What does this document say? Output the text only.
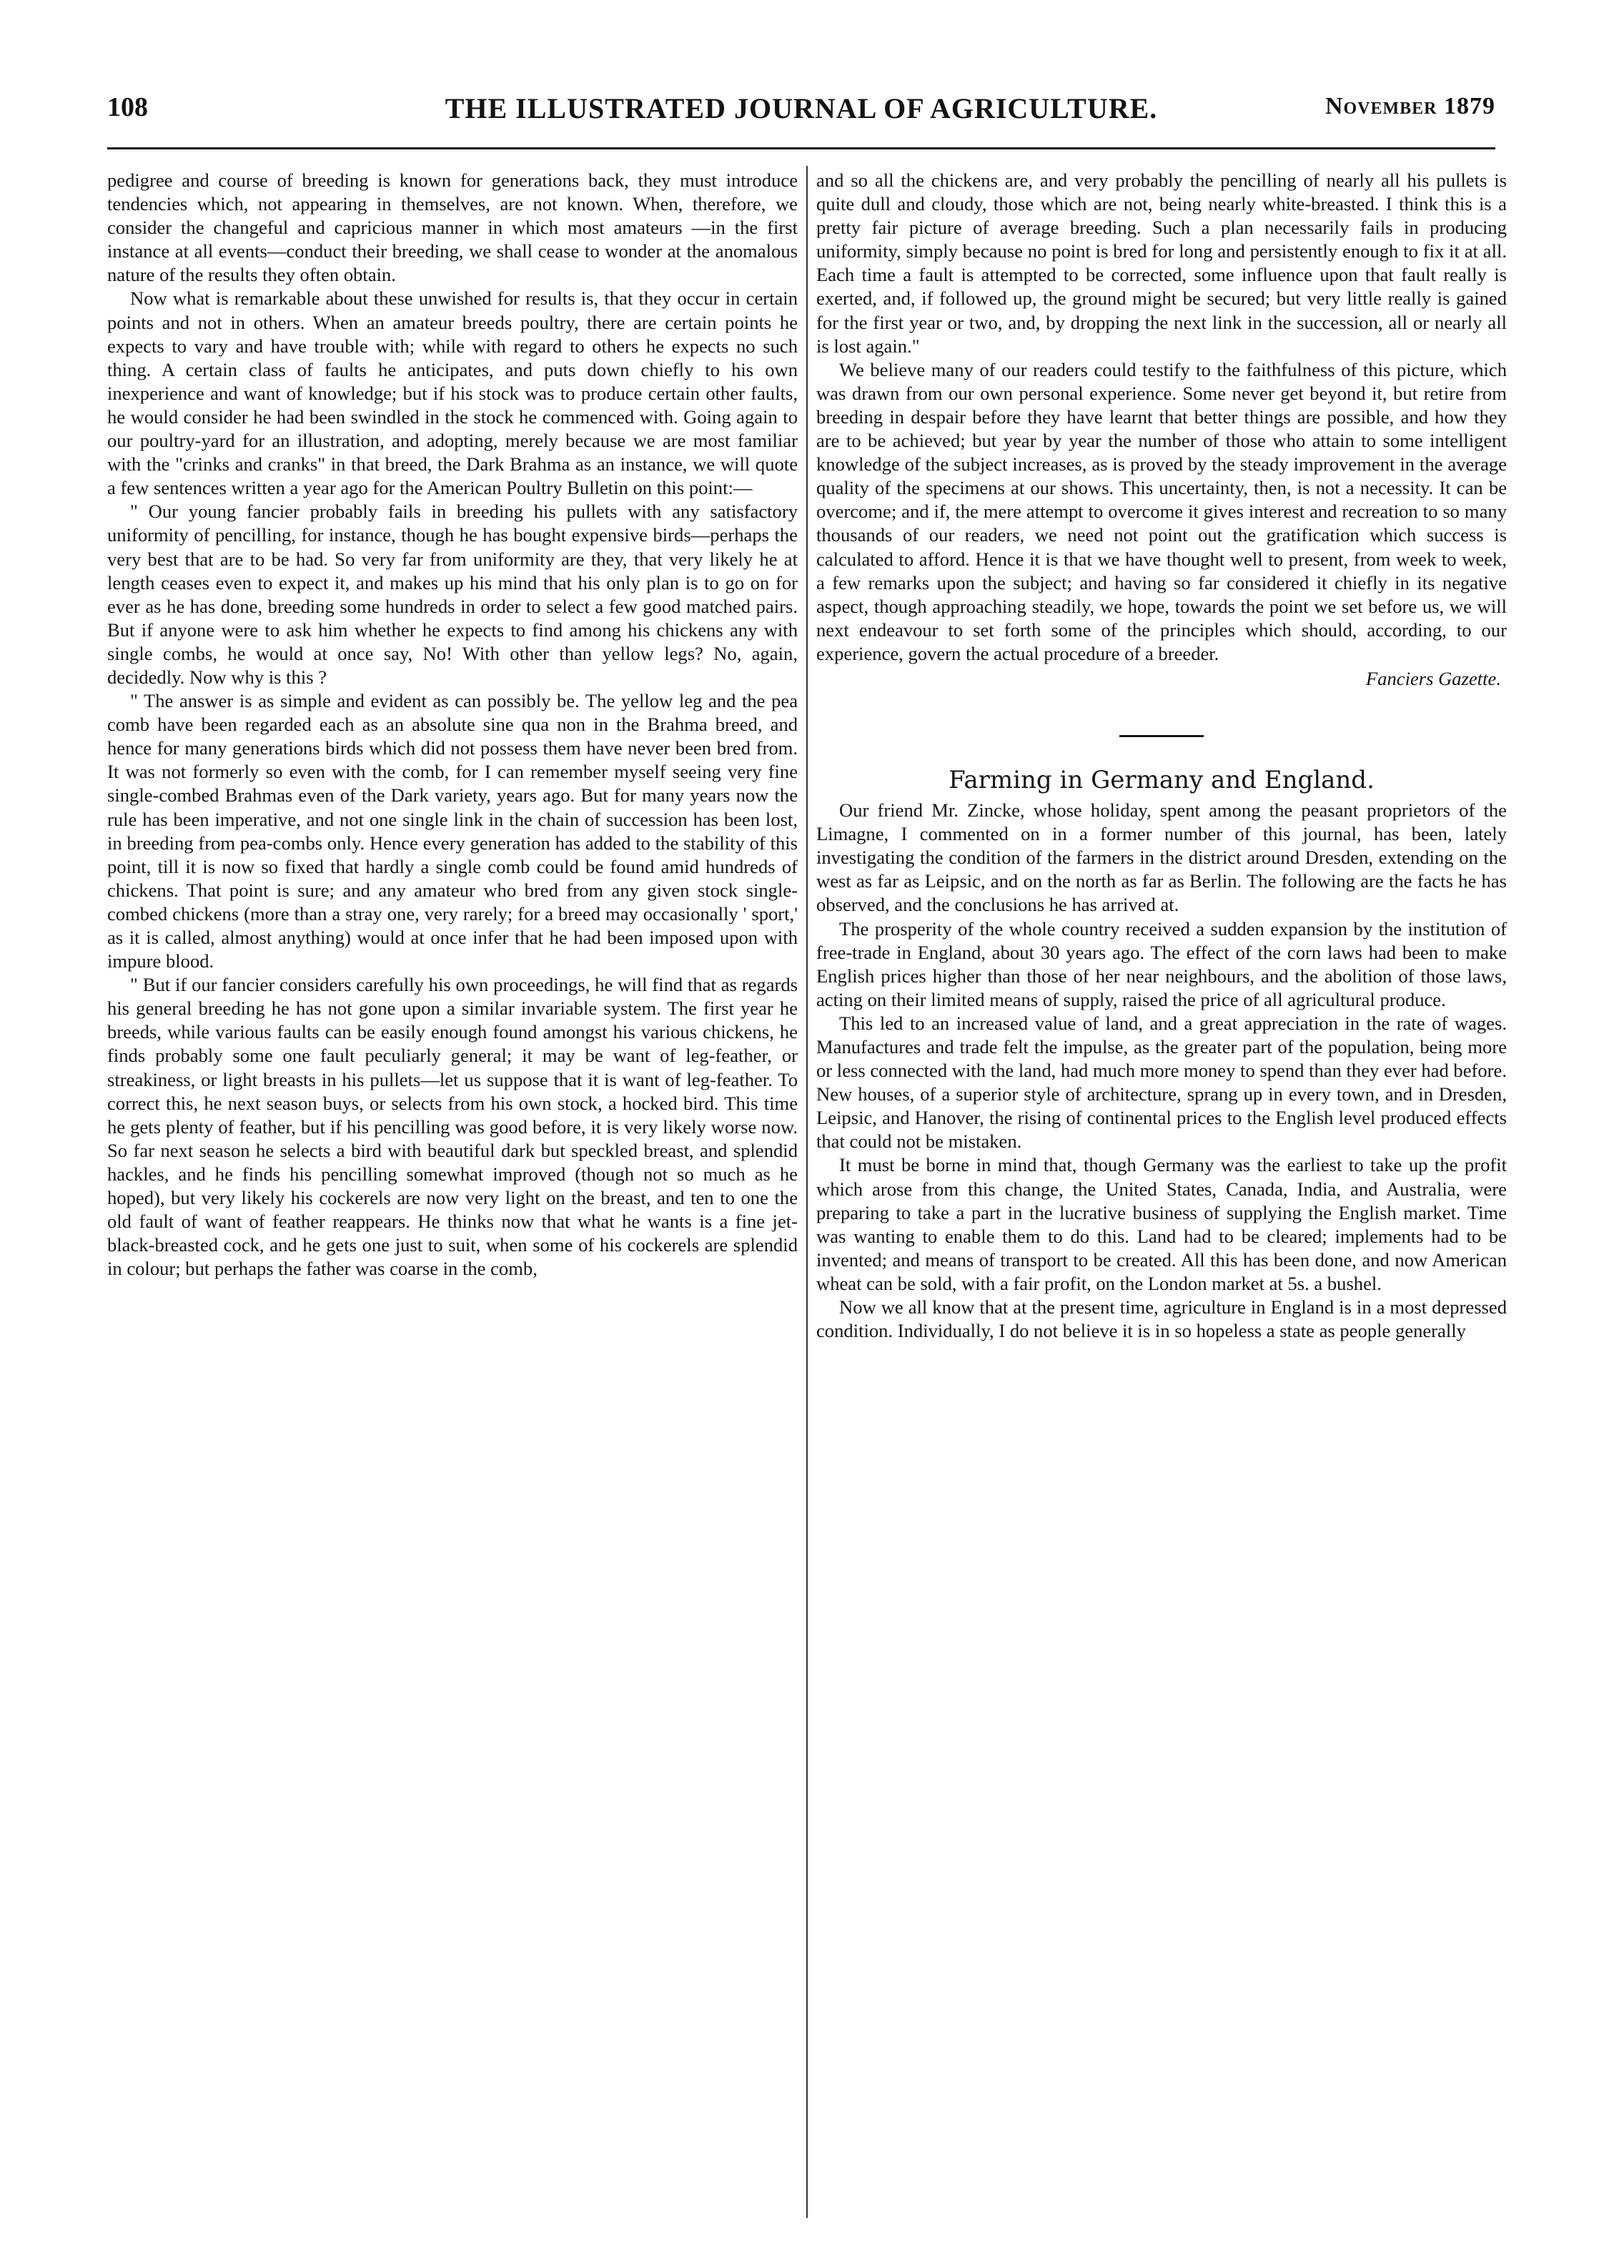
108	THE ILLUSTRATED JOURNAL OF AGRICULTURE.	November 1879

pedigree and course of breeding is known for generations back, they must introduce tendencies which, not appearing in themselves, are not known. When, therefore, we consider the changeful and capricious manner in which most amateurs —in the first instance at all events—conduct their breeding, we shall cease to wonder at the anomalous nature of the results they often obtain.

Now what is remarkable about these unwished for results is, that they occur in certain points and not in others. When an amateur breeds poultry, there are certain points he expects to vary and have trouble with; while with regard to others he expects no such thing. A certain class of faults he anticipates, and puts down chiefly to his own inexperience and want of knowledge; but if his stock was to produce certain other faults, he would consider he had been swindled in the stock he commenced with. Going again to our poultry-yard for an illustration, and adopting, merely because we are most familiar with the "crinks and cranks" in that breed, the Dark Brahma as an instance, we will quote a few sentences written a year ago for the American Poultry Bulletin on this point:—

" Our young fancier probably fails in breeding his pullets with any satisfactory uniformity of pencilling, for instance, though he has bought expensive birds—perhaps the very best that are to be had. So very far from uniformity are they, that very likely he at length ceases even to expect it, and makes up his mind that his only plan is to go on for ever as he has done, breeding some hundreds in order to select a few good matched pairs. But if anyone were to ask him whether he expects to find among his chickens any with single combs, he would at once say, No! With other than yellow legs? No, again, decidedly. Now why is this ?

" The answer is as simple and evident as can possibly be. The yellow leg and the pea comb have been regarded each as an absolute sine qua non in the Brahma breed, and hence for many generations birds which did not possess them have never been bred from. It was not formerly so even with the comb, for I can remember myself seeing very fine single-combed Brahmas even of the Dark variety, years ago. But for many years now the rule has been imperative, and not one single link in the chain of succession has been lost, in breeding from pea-combs only. Hence every generation has added to the stability of this point, till it is now so fixed that hardly a single comb could be found amid hundreds of chickens. That point is sure; and any amateur who bred from any given stock single-combed chickens (more than a stray one, very rarely; for a breed may occasionally ' sport,' as it is called, almost anything) would at once infer that he had been imposed upon with impure blood.

" But if our fancier considers carefully his own proceedings, he will find that as regards his general breeding he has not gone upon a similar invariable system. The first year he breeds, while various faults can be easily enough found amongst his various chickens, he finds probably some one fault peculiarly general; it may be want of leg-feather, or streakiness, or light breasts in his pullets—let us suppose that it is want of leg-feather. To correct this, he next season buys, or selects from his own stock, a hocked bird. This time he gets plenty of feather, but if his pencilling was good before, it is very likely worse now. So far next season he selects a bird with beautiful dark but speckled breast, and splendid hackles, and he finds his pencilling somewhat improved (though not so much as he hoped), but very likely his cockerels are now very light on the breast, and ten to one the old fault of want of feather reappears. He thinks now that what he wants is a fine jet-black-breasted cock, and he gets one just to suit, when some of his cockerels are splendid in colour; but perhaps the father was coarse in the comb,

and so all the chickens are, and very probably the pencilling of nearly all his pullets is quite dull and cloudy, those which are not, being nearly white-breasted. I think this is a pretty fair picture of average breeding. Such a plan necessarily fails in producing uniformity, simply because no point is bred for long and persistently enough to fix it at all. Each time a fault is attempted to be corrected, some influence upon that fault really is exerted, and, if followed up, the ground might be secured; but very little really is gained for the first year or two, and, by dropping the next link in the succession, all or nearly all is lost again."

We believe many of our readers could testify to the faithfulness of this picture, which was drawn from our own personal experience. Some never get beyond it, but retire from breeding in despair before they have learnt that better things are possible, and how they are to be achieved; but year by year the number of those who attain to some intelligent knowledge of the subject increases, as is proved by the steady improvement in the average quality of the specimens at our shows. This uncertainty, then, is not a necessity. It can be overcome; and if, the mere attempt to overcome it gives interest and recreation to so many thousands of our readers, we need not point out the gratification which success is calculated to afford. Hence it is that we have thought well to present, from week to week, a few remarks upon the subject; and having so far considered it chiefly in its negative aspect, though approaching steadily, we hope, towards the point we set before us, we will next endeavour to set forth some of the principles which should, according, to our experience, govern the actual procedure of a breeder.

Fanciers Gazette.
Farming in Germany and England.

Our friend Mr. Zincke, whose holiday, spent among the peasant proprietors of the Limagne, I commented on in a former number of this journal, has been, lately investigating the condition of the farmers in the district around Dresden, extending on the west as far as Leipsic, and on the north as far as Berlin. The following are the facts he has observed, and the conclusions he has arrived at.

The prosperity of the whole country received a sudden expansion by the institution of free-trade in England, about 30 years ago. The effect of the corn laws had been to make English prices higher than those of her near neighbours, and the abolition of those laws, acting on their limited means of supply, raised the price of all agricultural produce.

This led to an increased value of land, and a great appreciation in the rate of wages. Manufactures and trade felt the impulse, as the greater part of the population, being more or less connected with the land, had much more money to spend than they ever had before. New houses, of a superior style of architecture, sprang up in every town, and in Dresden, Leipsic, and Hanover, the rising of continental prices to the English level produced effects that could not be mistaken.

It must be borne in mind that, though Germany was the earliest to take up the profit which arose from this change, the United States, Canada, India, and Australia, were preparing to take a part in the lucrative business of supplying the English market. Time was wanting to enable them to do this. Land had to be cleared; implements had to be invented; and means of transport to be created. All this has been done, and now American wheat can be sold, with a fair profit, on the London market at 5s. a bushel.

Now we all know that at the present time, agriculture in England is in a most depressed condition. Individually, I do not believe it is in so hopeless a state as people generally
